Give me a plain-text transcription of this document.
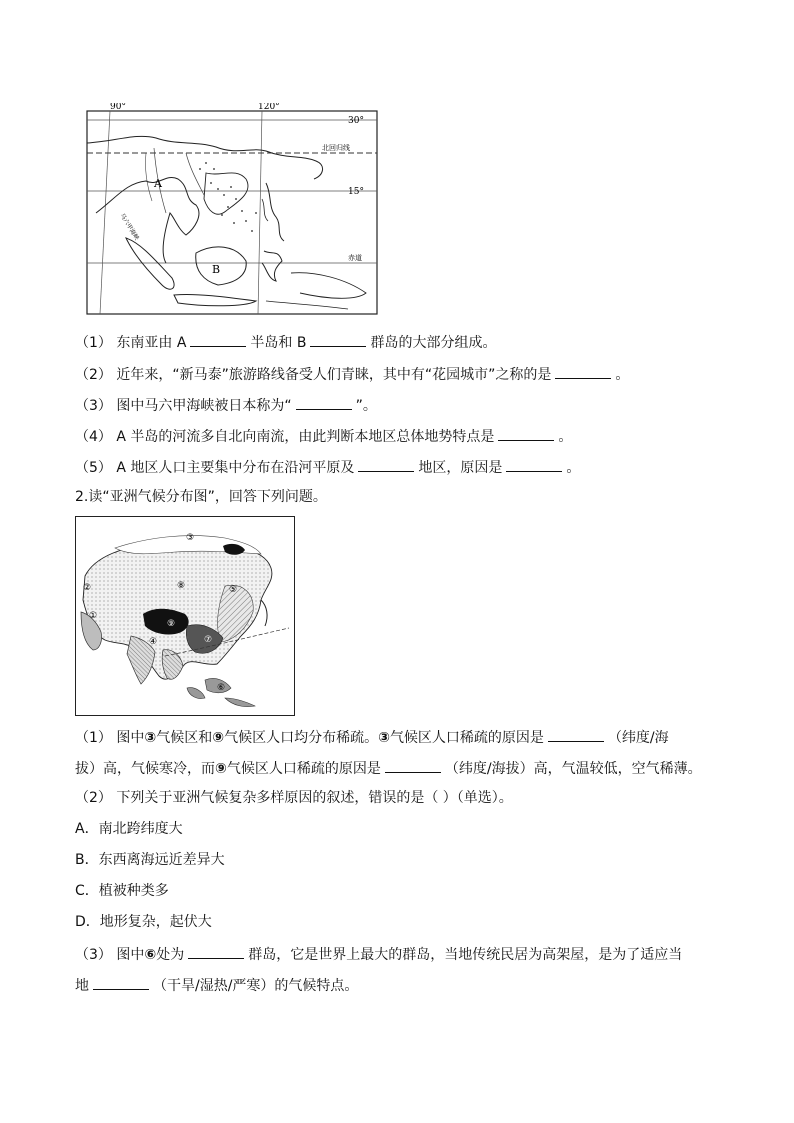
90°	120°
30°
15°
北回归线
赤道
A
B
马六甲海峡
（1） 东南亚由 A	半岛和 B	群岛的大部分组成。
（2） 近年来，“新马泰”旅游路线备受人们青睐，其中有“花园城市”之称的是	。
（3） 图中马六甲海峡被日本称为“	”。
（4） A 半岛的河流多自北向南流，由此判断本地区总体地势特点是	。
（5） A 地区人口主要集中分布在沿河平原及	地区，原因是	。
2.读“亚洲气候分布图”，回答下列问题。
①
②
③
④
⑤
⑥
⑦
⑧
⑨
（1） 图中③气候区和⑨气候区人口均分布稀疏。③气候区人口稀疏的原因是	（纬度/海
拔）高，气候寒冷，而⑨气候区人口稀疏的原因是	（纬度/海拔）高，气温较低，空气稀薄。
（2） 下列关于亚洲气候复杂多样原因的叙述，错误的是（ ）（单选）。
A．南北跨纬度大
B．东西离海远近差异大
C．植被种类多
D．地形复杂，起伏大
（3） 图中⑥处为	群岛，它是世界上最大的群岛，当地传统民居为高架屋，是为了适应当
地	（干旱/湿热/严寒）的气候特点。
